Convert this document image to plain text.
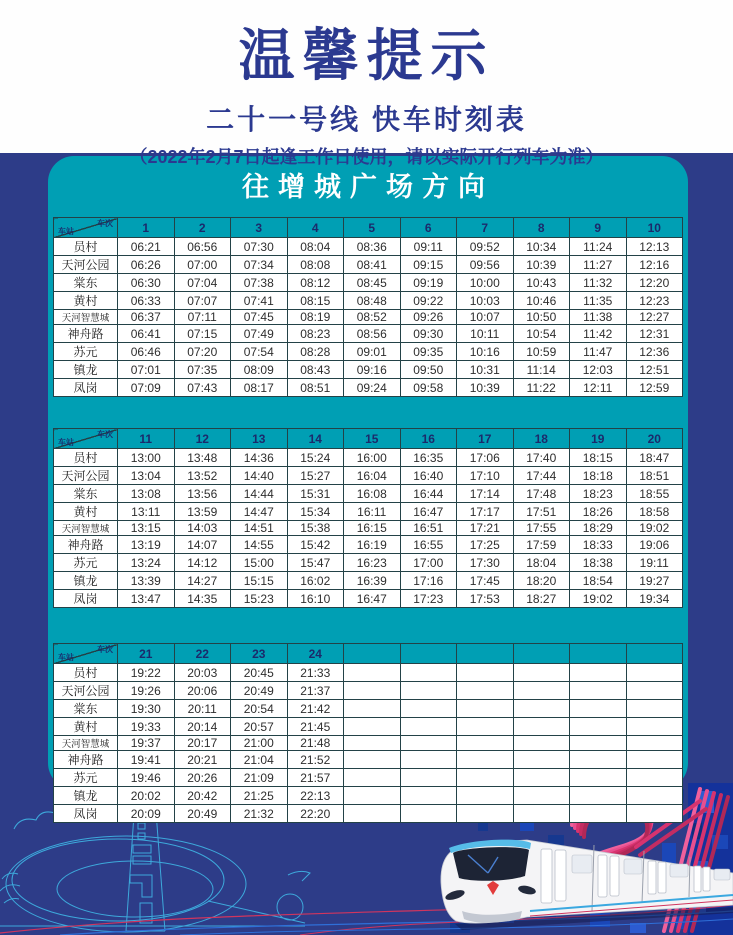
温馨提示
二十一号线 快车时刻表
（2022年2月7日起逢工作日使用，请以实际开行列车为准）
往增城广场方向
车次
车站	1	2	3	4	5	6	7	8	9	10
员村	06:21	06:56	07:30	08:04	08:36	09:11	09:52	10:34	11:24	12:13
天河公园	06:26	07:00	07:34	08:08	08:41	09:15	09:56	10:39	11:27	12:16
棠东	06:30	07:04	07:38	08:12	08:45	09:19	10:00	10:43	11:32	12:20
黄村	06:33	07:07	07:41	08:15	08:48	09:22	10:03	10:46	11:35	12:23
天河智慧城	06:37	07:11	07:45	08:19	08:52	09:26	10:07	10:50	11:38	12:27
神舟路	06:41	07:15	07:49	08:23	08:56	09:30	10:11	10:54	11:42	12:31
苏元	06:46	07:20	07:54	08:28	09:01	09:35	10:16	10:59	11:47	12:36
镇龙	07:01	07:35	08:09	08:43	09:16	09:50	10:31	11:14	12:03	12:51
凤岗	07:09	07:43	08:17	08:51	09:24	09:58	10:39	11:22	12:11	12:59
车次
车站	11	12	13	14	15	16	17	18	19	20
员村	13:00	13:48	14:36	15:24	16:00	16:35	17:06	17:40	18:15	18:47
天河公园	13:04	13:52	14:40	15:27	16:04	16:40	17:10	17:44	18:18	18:51
棠东	13:08	13:56	14:44	15:31	16:08	16:44	17:14	17:48	18:23	18:55
黄村	13:11	13:59	14:47	15:34	16:11	16:47	17:17	17:51	18:26	18:58
天河智慧城	13:15	14:03	14:51	15:38	16:15	16:51	17:21	17:55	18:29	19:02
神舟路	13:19	14:07	14:55	15:42	16:19	16:55	17:25	17:59	18:33	19:06
苏元	13:24	14:12	15:00	15:47	16:23	17:00	17:30	18:04	18:38	19:11
镇龙	13:39	14:27	15:15	16:02	16:39	17:16	17:45	18:20	18:54	19:27
凤岗	13:47	14:35	15:23	16:10	16:47	17:23	17:53	18:27	19:02	19:34
车次
车站	21	22	23	24						
员村	19:22	20:03	20:45	21:33						
天河公园	19:26	20:06	20:49	21:37						
棠东	19:30	20:11	20:54	21:42						
黄村	19:33	20:14	20:57	21:45						
天河智慧城	19:37	20:17	21:00	21:48						
神舟路	19:41	20:21	21:04	21:52						
苏元	19:46	20:26	21:09	21:57						
镇龙	20:02	20:42	21:25	22:13						
凤岗	20:09	20:49	21:32	22:20						
